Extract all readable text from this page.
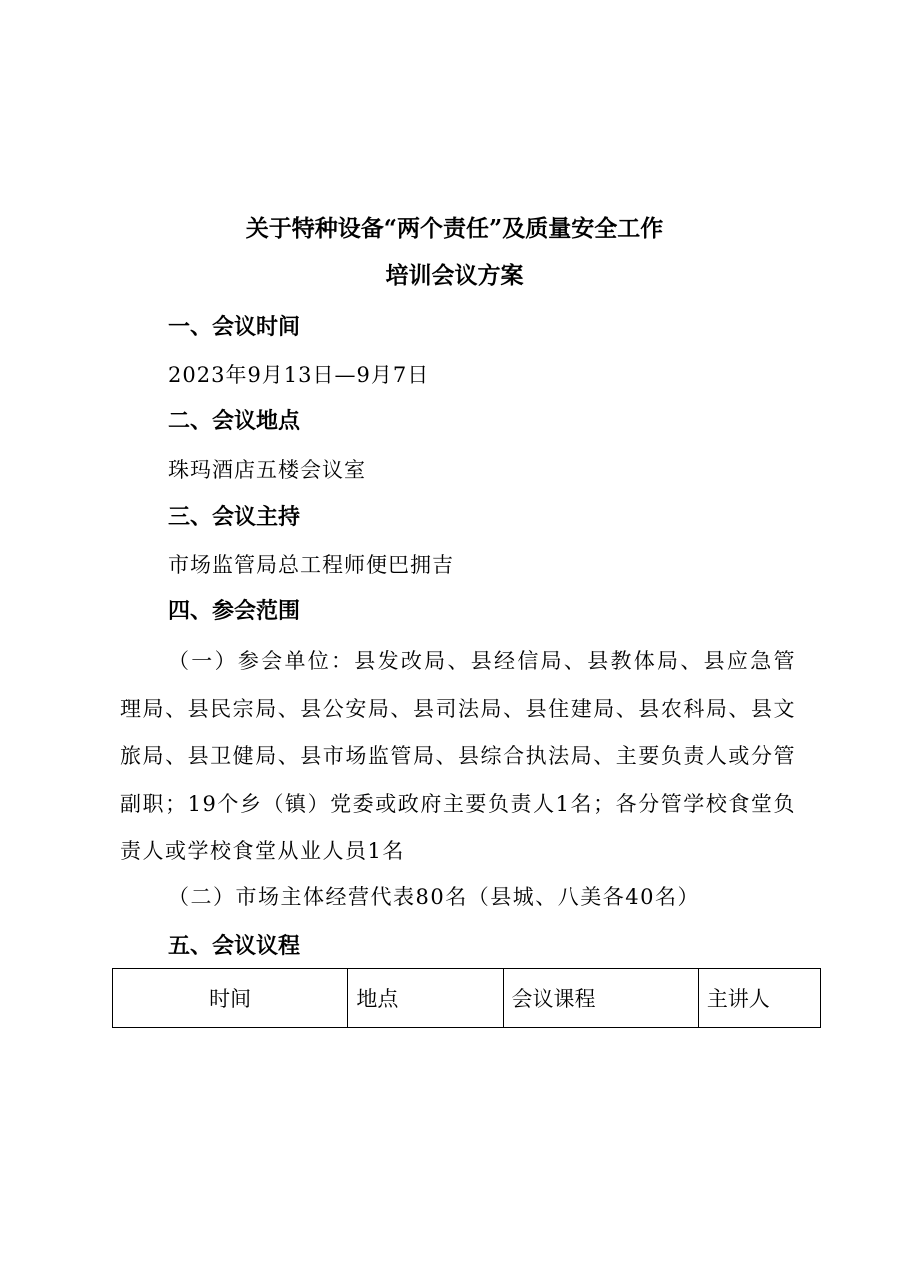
关于特种设备“两个责任”及质量安全工作
培训会议方案
一、会议时间
2023年9月13日—9月7日
二、会议地点
珠玛酒店五楼会议室
三、会议主持
市场监管局总工程师便巴拥吉
四、参会范围

（一）参会单位：县发改局、县经信局、县教体局、县应急管理局、县民宗局、县公安局、县司法局、县住建局、县农科局、县文旅局、县卫健局、县市场监管局、县综合执法局、主要负责人或分管副职；19个乡（镇）党委或政府主要负责人1名；各分管学校食堂负责人或学校食堂从业人员1名

（二）市场主体经营代表80名（县城、八美各40名）

五、会议议程
时间	地点	会议课程	主讲人
